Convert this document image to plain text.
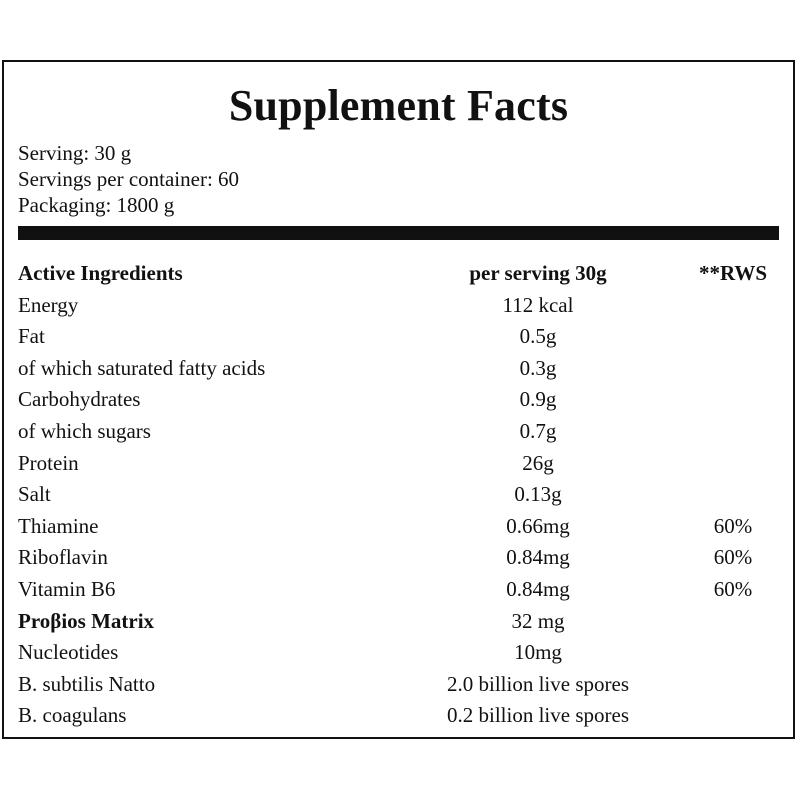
Supplement Facts
Serving: 30 g
Servings per container: 60
Packaging: 1800 g
Active Ingredients	per serving 30g	**RWS
Energy	112 kcal
Fat	0.5g
of which saturated fatty acids	0.3g
Carbohydrates	0.9g
of which sugars	0.7g
Protein	26g
Salt	0.13g
Thiamine	0.66mg	60%
Riboflavin	0.84mg	60%
Vitamin B6	0.84mg	60%
Proβios Matrix	32 mg
Nucleotides	10mg
B. subtilis Natto	2.0 billion live spores
B. coagulans	0.2 billion live spores
